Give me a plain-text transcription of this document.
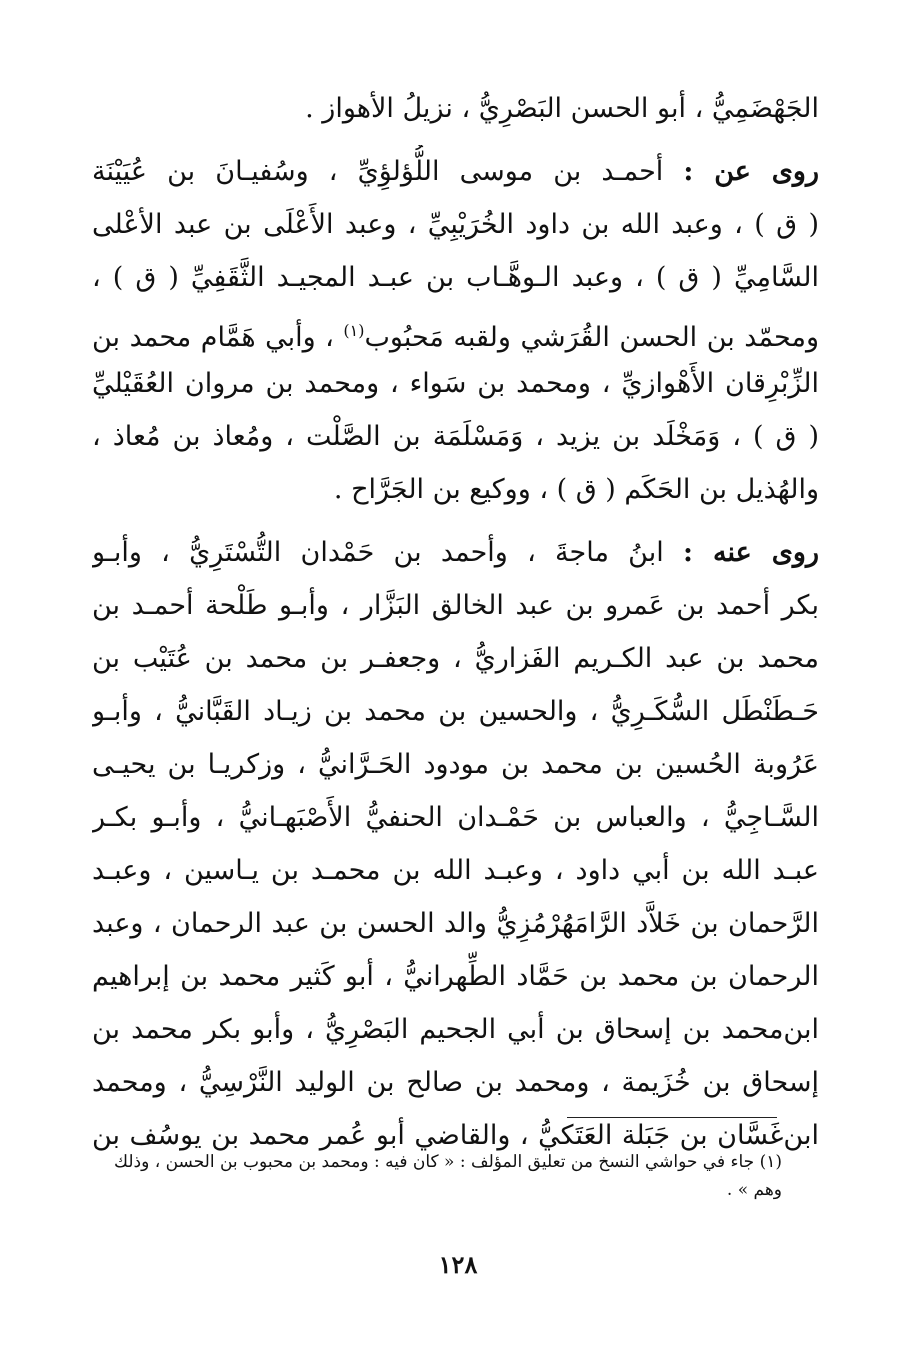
الجَهْضَمِيُّ ، أبو الحسن البَصْرِيُّ ، نزيلُ الأهواز .
روى عن : أحمـد بن موسى اللُّؤلؤِيِّ ، وسُفيـانَ بن عُيَيْنَة
( ق ) ، وعبد الله بن داود الخُرَيْبِيِّ ، وعبد الأَعْلَى بن عبد الأعْلى
السَّامِيِّ ( ق ) ، وعبد الـوهَّـاب بن عبـد المجيـد الثَّقَفِيِّ ( ق ) ،
ومحمّد بن الحسن القُرَشي ولقبه مَحبُوب$^{(١)}$ ، وأبي هَمَّام محمد بن
الزِّبْرِقان الأَهْوازيِّ ، ومحمد بن سَواء ، ومحمد بن مروان العُقَيْليِّ
( ق ) ، وَمَخْلَد بن يزيد ، وَمَسْلَمَة بن الصَّلْت ، ومُعاذ بن مُعاذ ،
والهُذيل بن الحَكَم ( ق ) ، ووكيع بن الجَرَّاح .
روى عنه : ابنُ ماجةَ ، وأحمد بن حَمْدان التُّسْتَرِيُّ ، وأبـو
بكر أحمد بن عَمرو بن عبد الخالق البَزَّار ، وأبـو طَلْحة أحمـد بن
محمد بن عبد الكـريم الفَزاريُّ ، وجعفـر بن محمد بن عُتَيْب بن
حَـطَنْطَل السُّكَـرِيُّ ، والحسين بن محمد بن زيـاد القَبَّانيُّ ، وأبـو
عَرُوبة الحُسين بن محمد بن مودود الحَـرَّانيُّ ، وزكريـا بن يحيـى
السَّـاجِيُّ ، والعباس بن حَمْـدان الحنفيُّ الأَصْبَهـانيُّ ، وأبـو بكـر
عبـد الله بن أبي داود ، وعبـد الله بن محمـد بن يـاسين ، وعبـد
الرَّحمان بن خَلاَّد الرَّامَهُرْمُزِيُّ والد الحسن بن عبد الرحمان ، وعبد
الرحمان بن محمد بن حَمَّاد الطِّهرانيُّ ، أبو كَثير محمد بن إبراهيم
ابن‌محمد بن إسحاق بن أبي الجحيم البَصْرِيُّ ، وأبو بكر محمد بن
إسحاق بن خُزَيمة ، ومحمد بن صالح بن الوليد النَّرْسِيُّ ، ومحمد
ابن‌غَسَّان بن جَبَلة العَتَكيُّ ، والقاضي أبو عُمر محمد بن يوسُف بن
(١) جاء في حواشي النسخ من تعليق المؤلف : « كان فيه : ومحمد بن محبوب بن الحسن ، وذلك وهم » .
١٢٨
